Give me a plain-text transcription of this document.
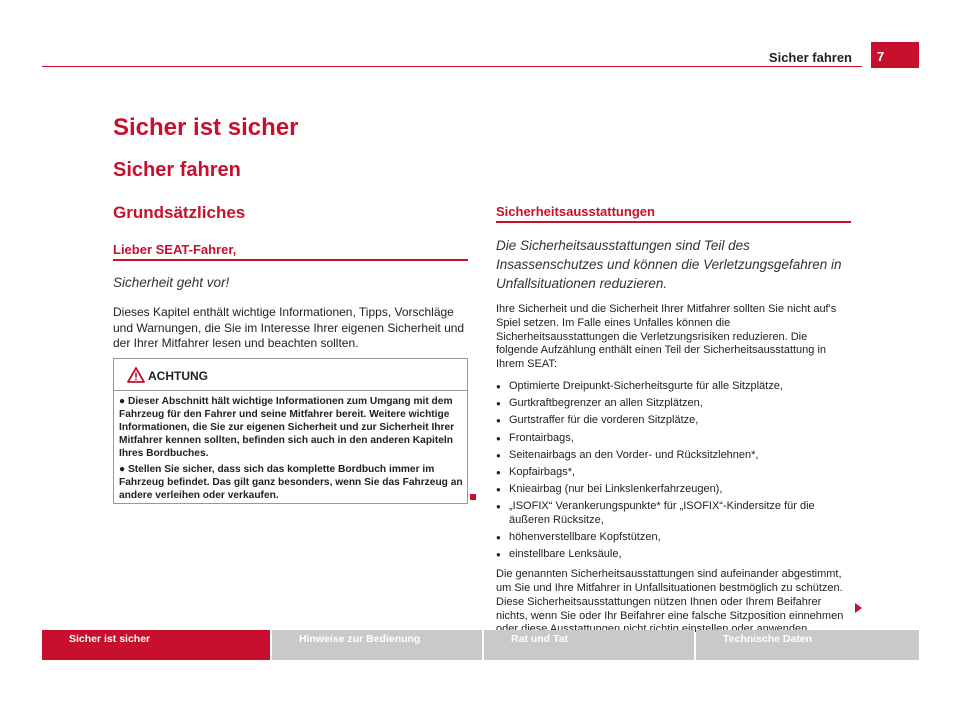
Sicher fahren	7
Sicher ist sicher
Sicher fahren
Grundsätzliches
Lieber SEAT-Fahrer,
Sicherheit geht vor!
Dieses Kapitel enthält wichtige Informationen, Tipps, Vorschläge und Warnungen, die Sie im Interesse Ihrer eigenen Sicherheit und der Ihrer Mitfahrer lesen und beachten sollten.
ACHTUNG

● Dieser Abschnitt hält wichtige Informationen zum Umgang mit dem Fahrzeug für den Fahrer und seine Mitfahrer bereit. Weitere wichtige Informationen, die Sie zur eigenen Sicherheit und zur Sicherheit Ihrer Mitfahrer kennen sollten, befinden sich auch in den anderen Kapiteln Ihres Bordbuches.

● Stellen Sie sicher, dass sich das komplette Bordbuch immer im Fahrzeug befindet. Das gilt ganz besonders, wenn Sie das Fahrzeug an andere verleihen oder verkaufen.

Sicherheitsausstattungen
Die Sicherheitsausstattungen sind Teil des Insassenschutzes und können die Verletzungsgefahren in Unfallsituationen reduzieren.
Ihre Sicherheit und die Sicherheit Ihrer Mitfahrer sollten Sie nicht auf's Spiel setzen. Im Falle eines Unfalles können die Sicherheitsausstattungen die Verletzungsrisiken reduzieren. Die folgende Aufzählung enthält einen Teil der Sicherheitsausstattung in Ihrem SEAT:
● Optimierte Dreipunkt-Sicherheitsgurte für alle Sitzplätze,
● Gurtkraftbegrenzer an allen Sitzplätzen,
● Gurtstraffer für die vorderen Sitzplätze,
● Frontairbags,
● Seitenairbags an den Vorder- und Rücksitzlehnen*,
● Kopfairbags*,
● Knieairbag (nur bei Linkslenkerfahrzeugen),
● „ISOFIX“ Verankerungspunkte* für „ISOFIX“-Kindersitze für die äußeren Rücksitze,
● höhenverstellbare Kopfstützen,
● einstellbare Lenksäule,
Die genannten Sicherheitsausstattungen sind aufeinander abgestimmt, um Sie und Ihre Mitfahrer in Unfallsituationen bestmöglich zu schützen. Diese Sicherheitsausstattungen nützen Ihnen oder Ihrem Beifahrer nichts, wenn Sie oder Ihr Beifahrer eine falsche Sitzposition einnehmen
Sicher ist sicher	Hinweise zur Bedienung	Rat und Tat	Technische Daten
